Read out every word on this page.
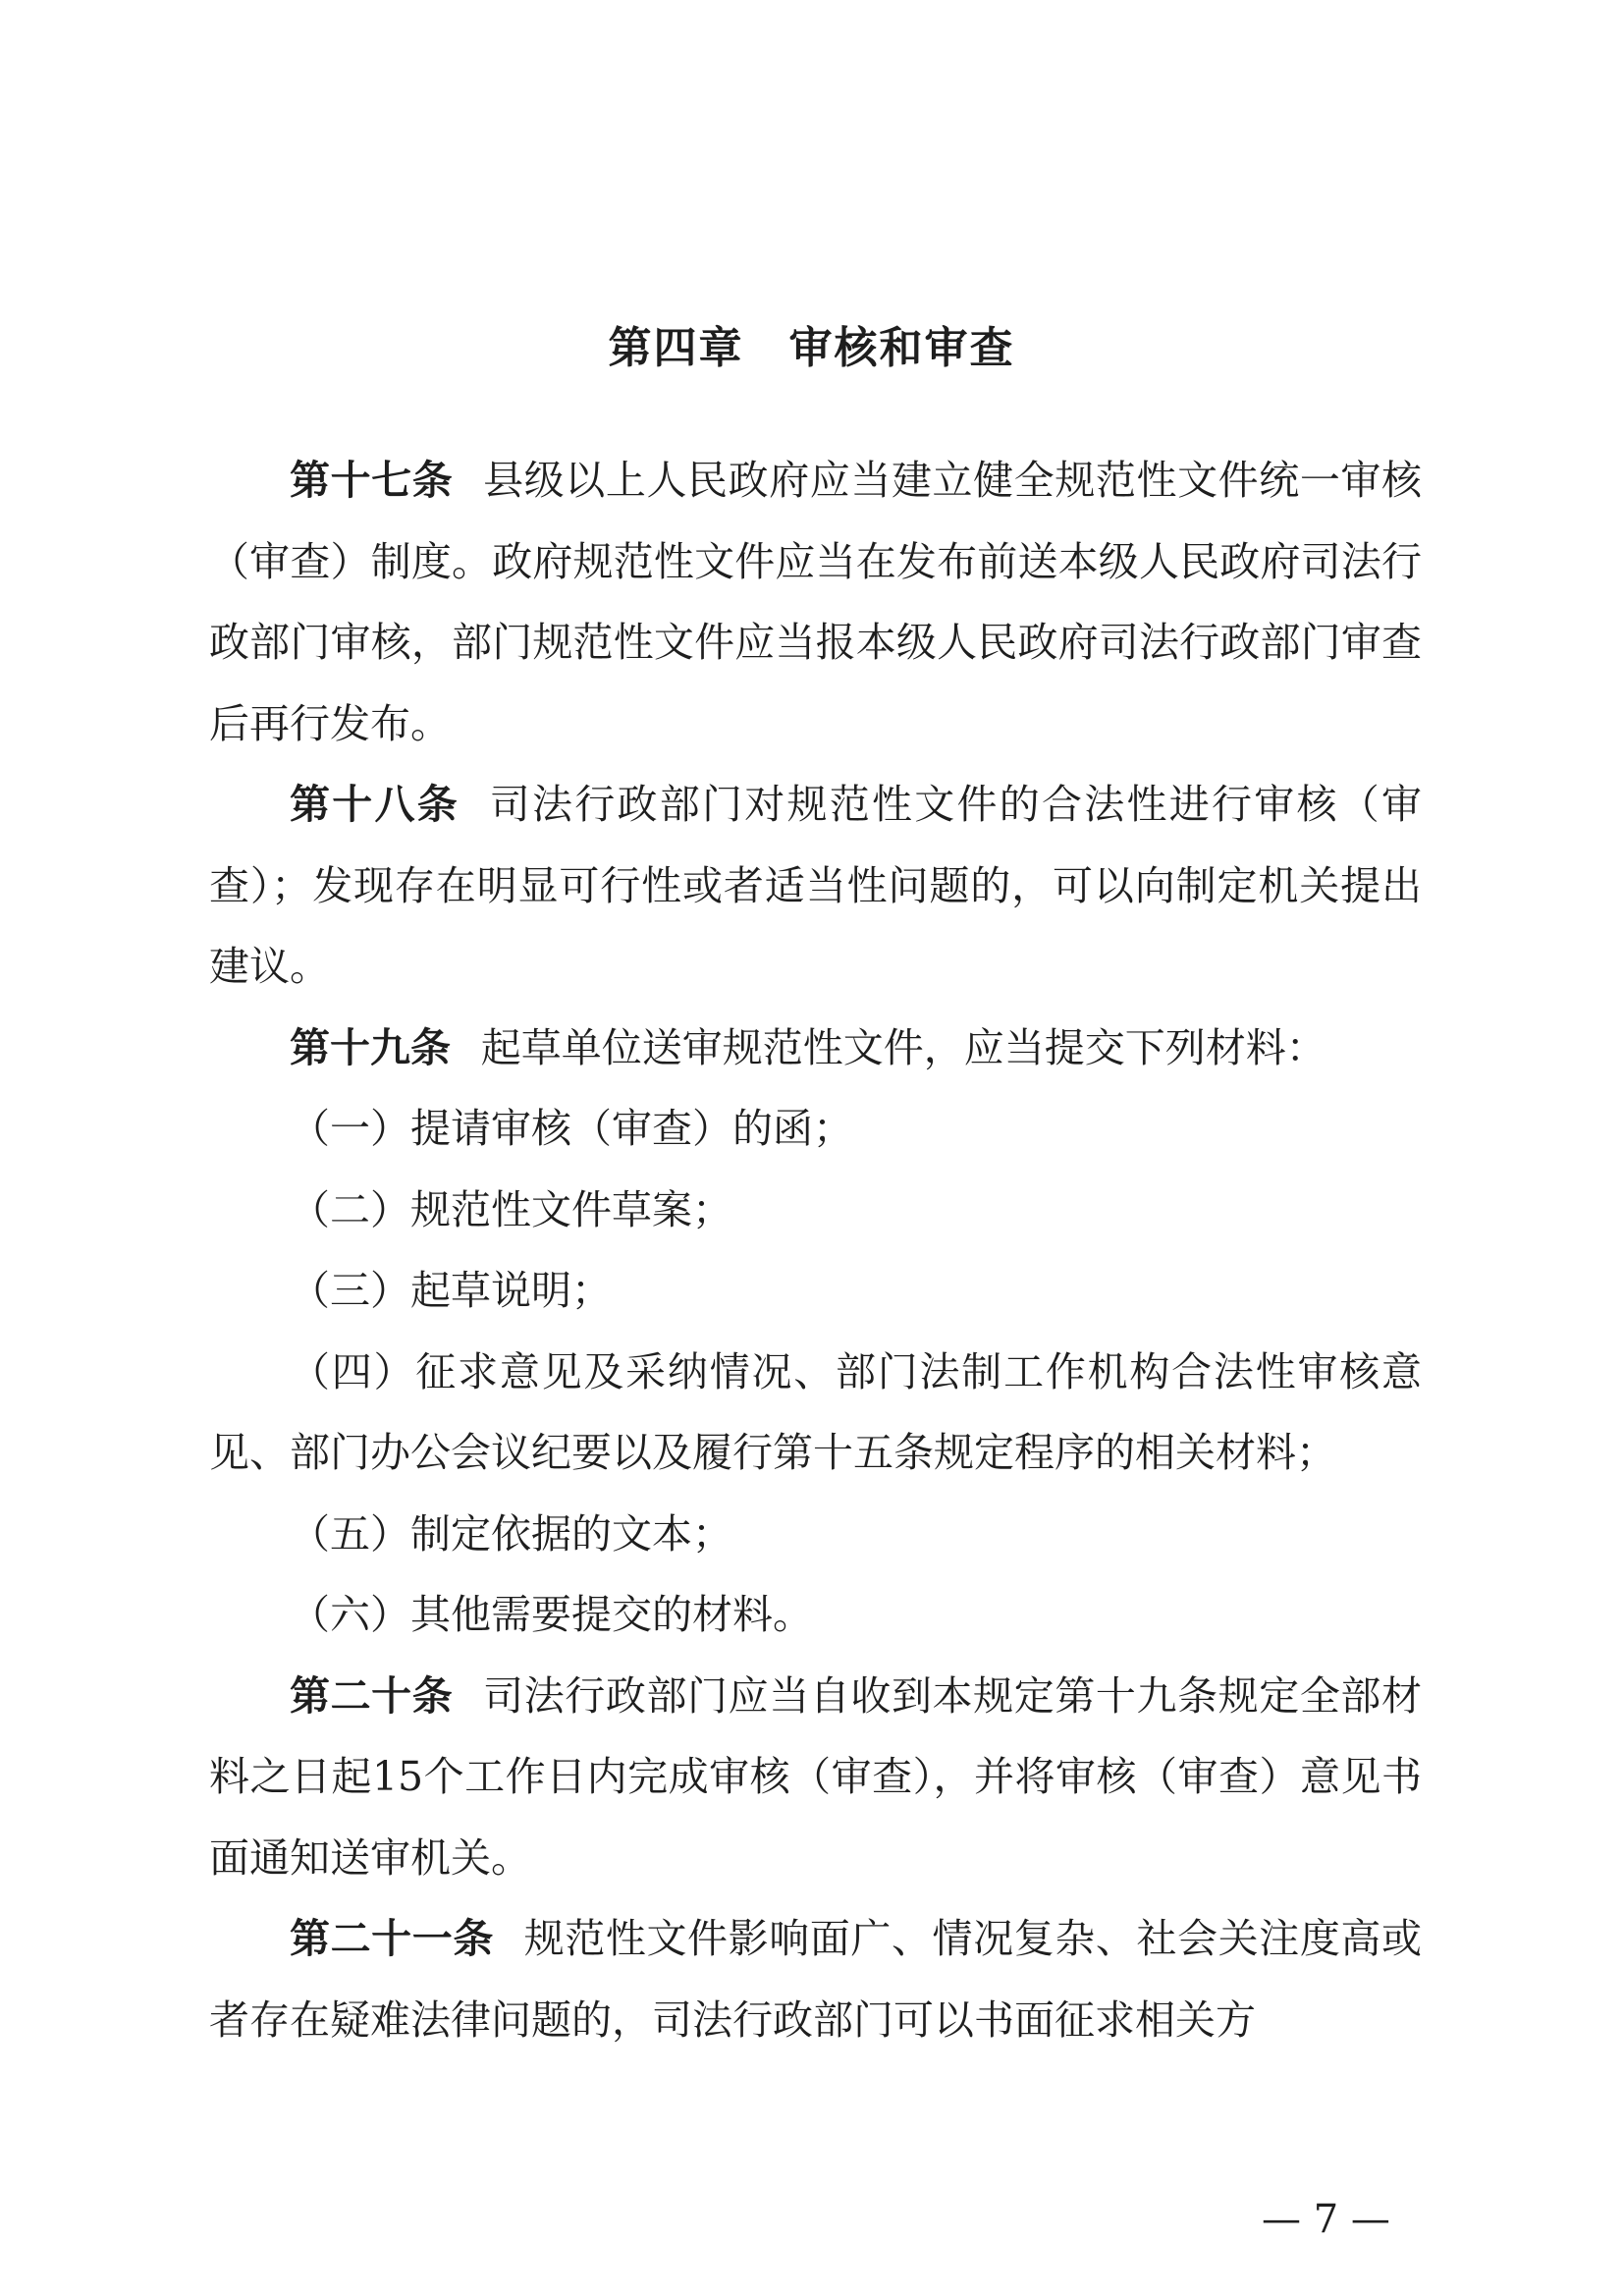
第四章 审核和审查

第十七条 县级以上人民政府应当建立健全规范性文件统一审核（审查）制度。政府规范性文件应当在发布前送本级人民政府司法行政部门审核，部门规范性文件应当报本级人民政府司法行政部门审查后再行发布。

第十八条 司法行政部门对规范性文件的合法性进行审核（审查）；发现存在明显可行性或者适当性问题的，可以向制定机关提出建议。

第十九条 起草单位送审规范性文件，应当提交下列材料：

（一）提请审核（审查）的函；

（二）规范性文件草案；

（三）起草说明；

（四）征求意见及采纳情况、部门法制工作机构合法性审核意见、部门办公会议纪要以及履行第十五条规定程序的相关材料；

（五）制定依据的文本；

（六）其他需要提交的材料。

第二十条 司法行政部门应当自收到本规定第十九条规定全部材料之日起15个工作日内完成审核（审查），并将审核（审查）意见书面通知送审机关。

第二十一条 规范性文件影响面广、情况复杂、社会关注度高或者存在疑难法律问题的，司法行政部门可以书面征求相关方

— 7 —
